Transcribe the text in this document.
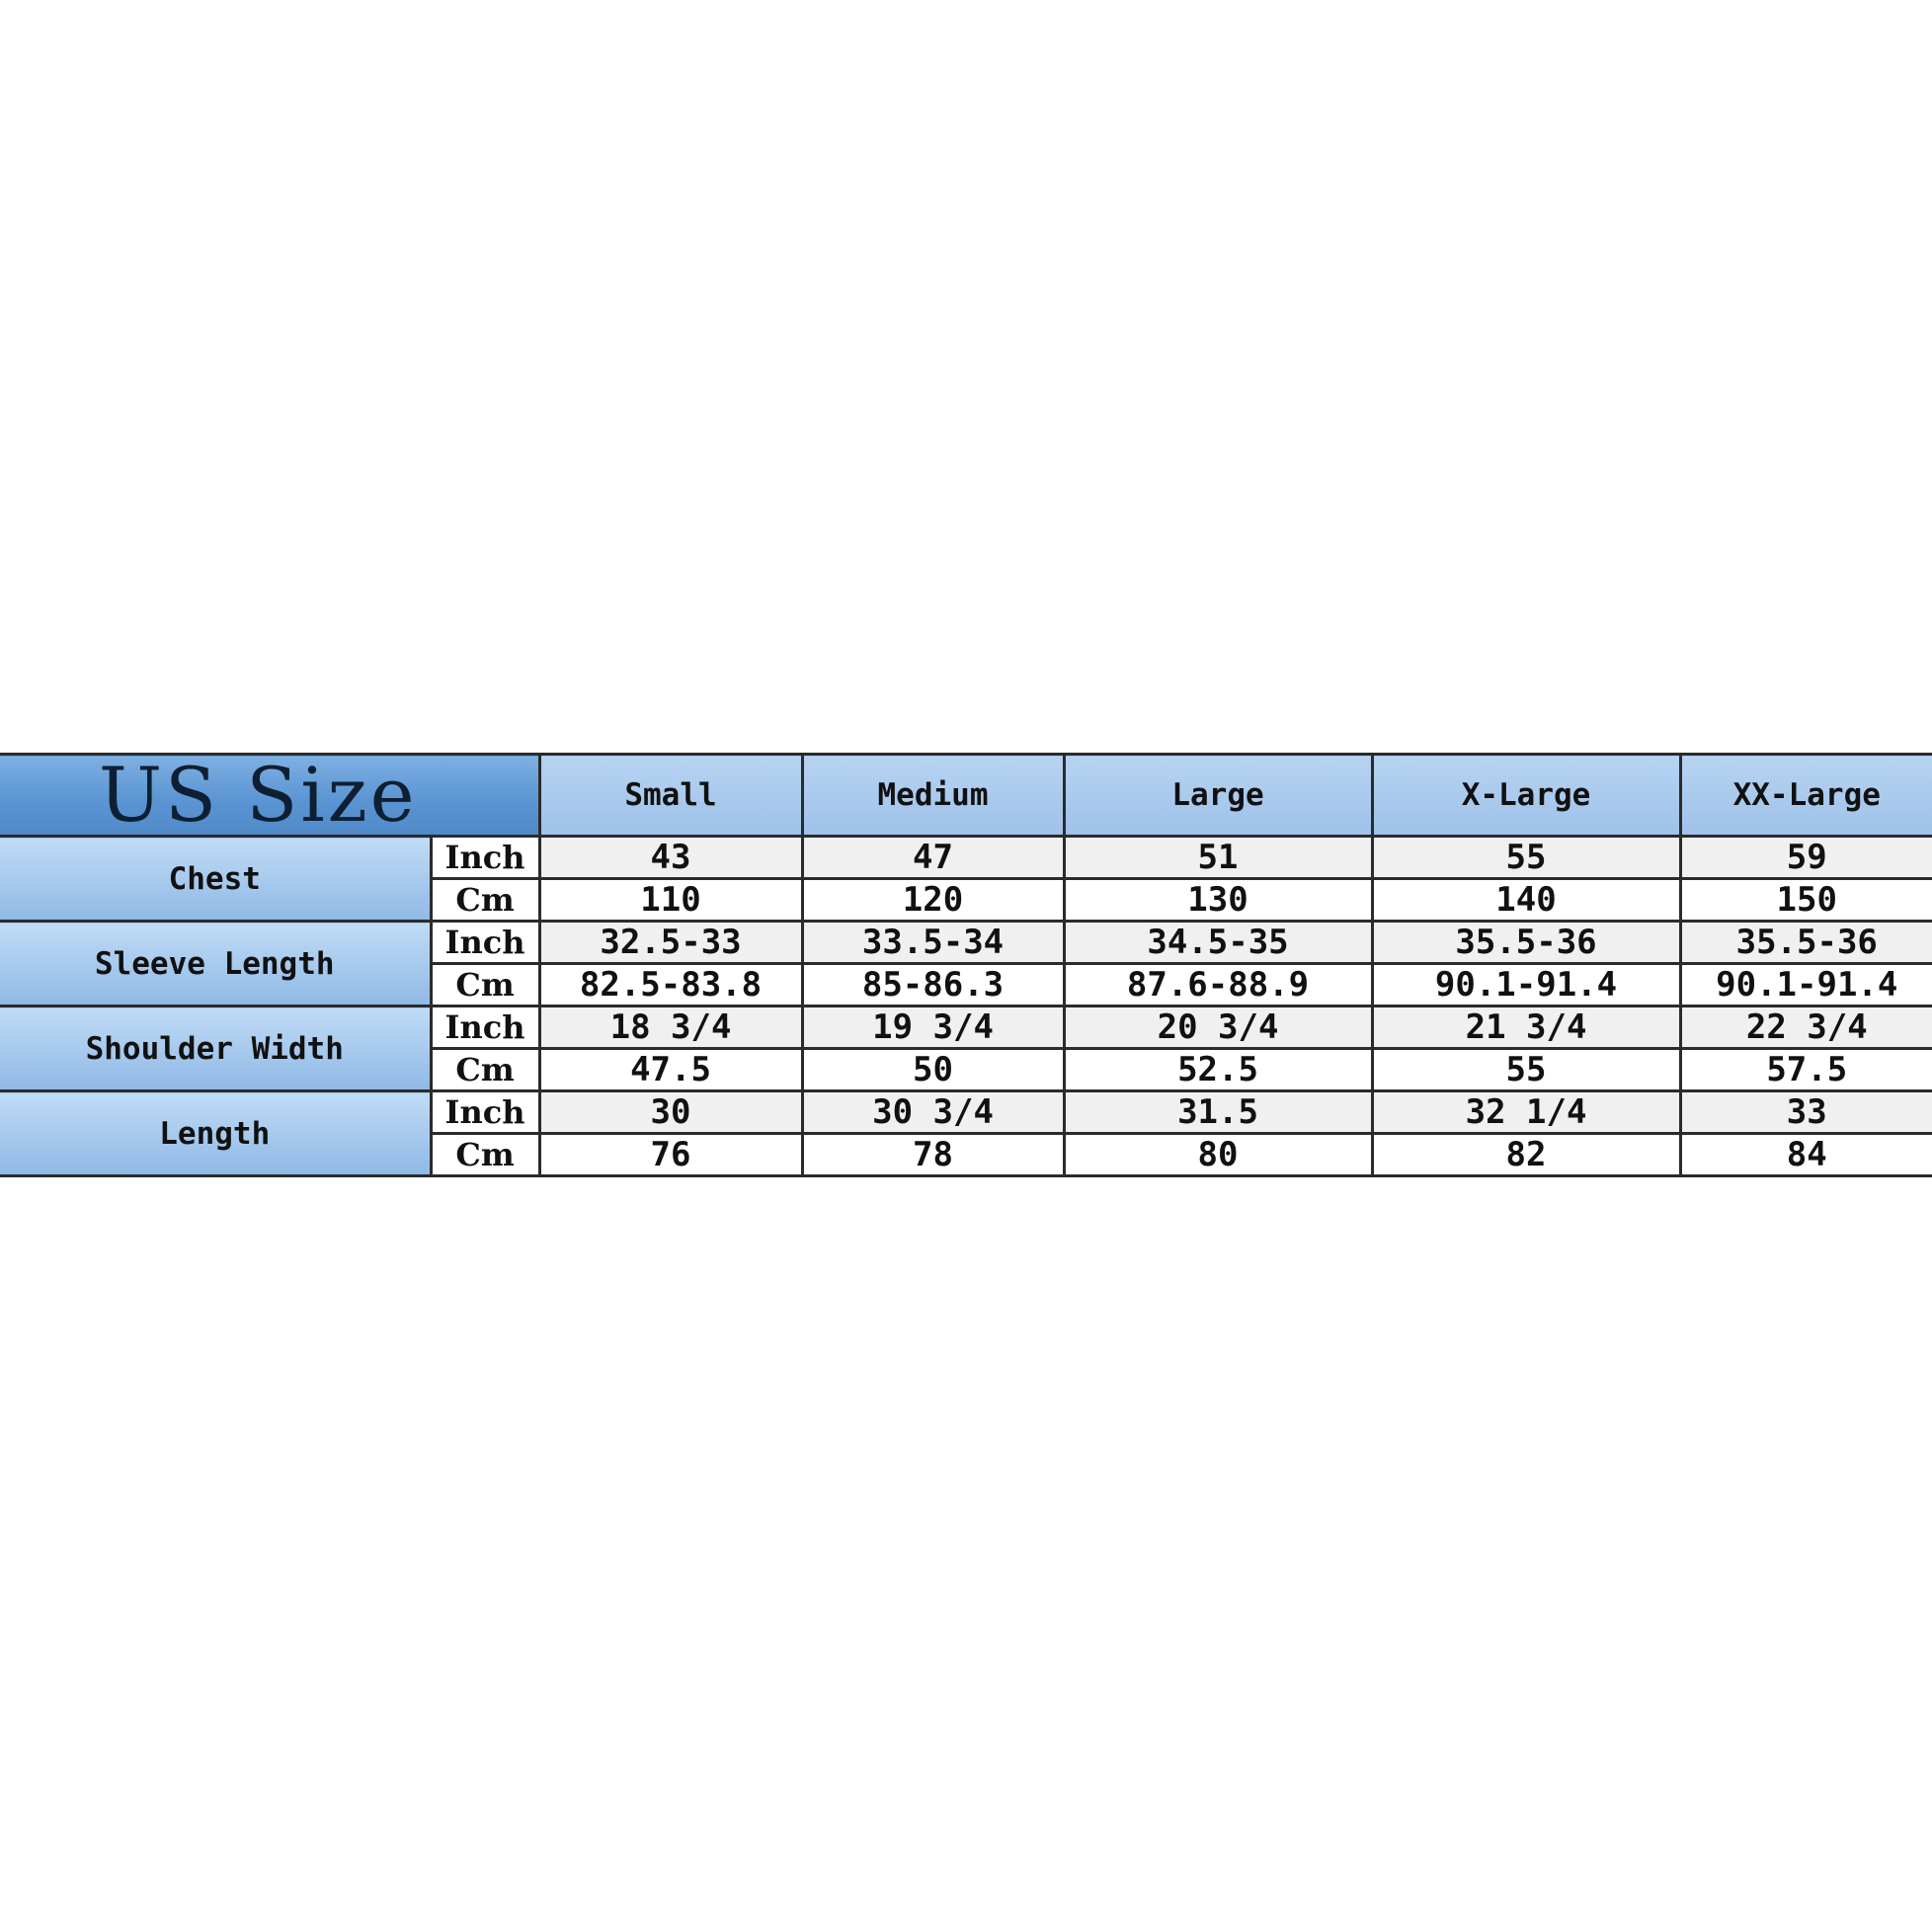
US Size		Small	Medium	Large	X-Large	XX-Large
Chest	Inch	43	47	51	55	59
	Cm	110	120	130	140	150
Sleeve Length	Inch	32.5-33	33.5-34	34.5-35	35.5-36	35.5-36
	Cm	82.5-83.8	85-86.3	87.6-88.9	90.1-91.4	90.1-91.4
Shoulder Width	Inch	18 3/4	19 3/4	20 3/4	21 3/4	22 3/4
	Cm	47.5	50	52.5	55	57.5
Length	Inch	30	30 3/4	31.5	32 1/4	33
	Cm	76	78	80	82	84
